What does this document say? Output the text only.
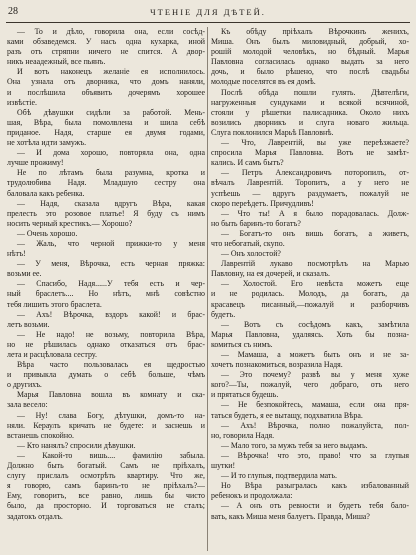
28	ЧТЕНІЕ ДЛЯ ДѢТЕЙ.
— То и дѣло, говорила она, если сосѣд-
ками обзаведемся. У насъ одна кухарка, иной
разъ отъ стряпни ничего не спится. А двор-
никъ неаадежный, все пьянъ.
И вотъ наконецъ желаніе ея исполнилось.
Она узнала отъ дворника, что домъ наняли,
и послѣшила объявить дочерямъ хорошее
извѣстіе.
Обѣ дѣвушки сидѣли за работой. Мень-
шая, Вѣра, была помолвлена и шила себѣ
приданое. Надя, старше ея двумя годами,
не хотѣла идти замужъ.
— И дома хорошо, повторяла она, одна
лучше прожиму!
Не по лѣтамъ была разумна, кротка и
трудолюбива Надя. Младшую сестру она
баловала какъ ребенка.
— Надя, сказала вдругъ Вѣра, какая
прелесть это розовое платье! Я буду съ нимъ
носить черный крестикъ.— Хорошо?
— Очень хорошо.
— Жаль, что черной прижки-то у меня
нѣтъ!
— У меня, Вѣрочка, есть черная пряжка:
возьми ее.
— Спасибо, Надя......У тебя есть и чер-
ный браслетъ.... Но нѣтъ, мнѣ совѣстно
тебя лишить этого браслета.
— Ахъ! Вѣрочка, вздоръ какой! и брас-
летъ возьми.
— Не надо! не возьму, повторила Вѣра,
но не рѣшилась однако отказаться отъ брас-
лета и расцѣловала сестру.
Вѣра часто пользовалась ея щедростью
и привыкла думать о себѣ больше, чѣмъ
о другихъ.
Марья Павловна вошла въ комнату и ска-
зала весело:
— Ну! слава Богу, дѣтушки, домъ-то на-
няли. Кераулъ кричать не будете: и заснешь и
встанешь спокойно.
— Кто нанялъ? спросили дѣвушки.
— Какой-то вишь.... фамилію забыла.
Должно быть богатый. Самъ не пріѣхалъ,
слугу прислалъ осмотрѣть квартиру. Что же,
я говорю, самъ баринъ-то не пріѣхалъ?—
Ему, говоритъ, все равно, лишь бы чисто
было, да просторно. И торговаться не сталъ;
задатокъ отдалъ.
Къ обѣду пріѣхалъ Вѣрочкинъ женихъ,
Миша. Онъ былъ миловидный, добрый, хо-
рошій молодой человѣкъ, но бѣдный. Марья
Павловна согласилась однако выдать за него
дочь, и было рѣшено, что послѣ свадьбы
молодые поселятся въ ея домѣ.
Послѣ обѣда пошли гулять. Дѣвтелѣги,
нагруженныя сундуками и всякой всячиной,
стояли у рѣшетки палисадника. Около нихъ
возились дворникъ и слуга новаго жильца.
Слуга поклонился Марьѣ Павловнѣ.
— Что, Лаврентій, вы уже переѣзжаете?
спросила Марья Павловна. Вотъ не замѣт-
кались. И самъ бытъ?
— Петръ Александровичъ поторопилъ, от-
вѣчалъ Лаврентій. Торопитъ, а у него не
успѣешь — вдругъ раздумаетъ, пожалуй не
скоро переѣдетъ. Причудливъ!
— Что ты! А я было порадовалась. Долж-
но быть баринъ-то богатъ?
— Богатъ-то онъ вишь богатъ, а живетъ,
что небогатый, скупо.
— Онъ холостой?
Лаврентій лукаво посмотрѣлъ на Марью
Павловну, на ея дочерей, и сказалъ.
— Холостой. Его невѣста можетъ еще
и не родилась. Молодъ, да богатъ, да
красавецъ писанный,—пожалуй и разборчивъ
будетъ.
— Вотъ съ сосѣдомъ какъ, замѣтила
Марья Павловна, удаляясь. Хоть бы позна-
комиться съ нимъ.
— Мамаша, а можетъ быть онъ и не за-
хочетъ познакомиться, возразила Надя.
— Это почему? развѣ вы у меня хуже
кого?—Ты, пожалуй, чего добраго, отъ него
и прятаться будешь.
— Не безпокойтесь, мамаша, если она пря-
таться будетъ, я ее вытащу, подхватила Вѣра.
— Ахъ! Вѣрочка, полно пожалуйста, пол-
но, говорила Надя.
— Мало того, за мужъ тебя за него выдамъ.
— Вѣрочка! что это, право! что за глупыя
шутки!
— И то глупыя, подтвердила мать.
Но Вѣра разыгралась какъ избалованный
ребенокъ и продолжала:
— А онъ отъ ревности и будетъ тебя бало-
вать, какъ Миша меня балуетъ. Правда, Миша?
